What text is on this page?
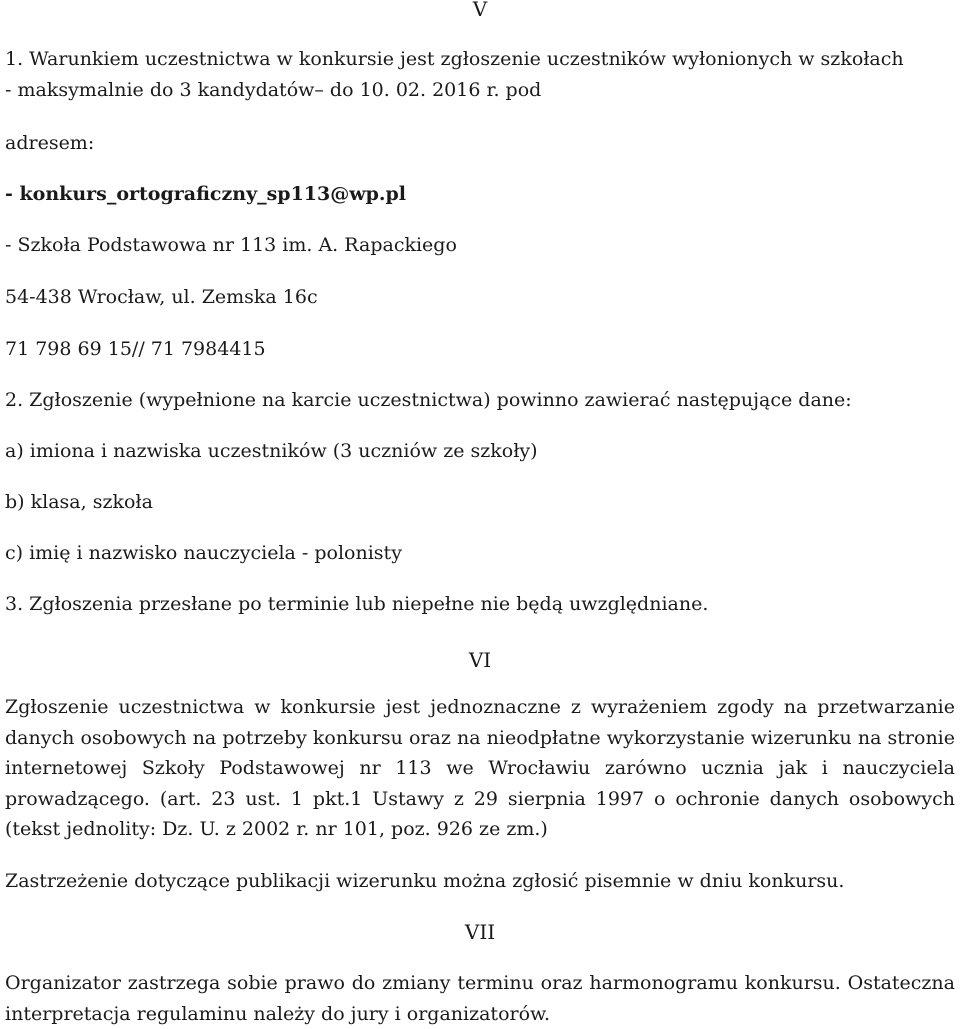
V
1. Warunkiem uczestnictwa w konkursie jest zgłoszenie uczestników wyłonionych w szkołach
- maksymalnie do 3 kandydatów– do 10. 02. 2016 r. pod
adresem:
- konkurs_ortograficzny_sp113@wp.pl
- Szkoła Podstawowa nr 113 im. A. Rapackiego
54-438 Wrocław, ul. Zemska 16c
71 798 69 15// 71 7984415
2. Zgłoszenie (wypełnione na karcie uczestnictwa) powinno zawierać następujące dane:
a) imiona i nazwiska uczestników (3 uczniów ze szkoły)
b) klasa, szkoła
c) imię i nazwisko nauczyciela - polonisty
3. Zgłoszenia przesłane po terminie lub niepełne nie będą uwzględniane.
VI

Zgłoszenie uczestnictwa w konkursie jest jednoznaczne z wyrażeniem zgody na przetwarzanie danych osobowych na potrzeby konkursu oraz na nieodpłatne wykorzystanie wizerunku na stronie internetowej Szkoły Podstawowej nr 113 we Wrocławiu zarówno ucznia jak i nauczyciela prowadzącego. (art. 23 ust. 1 pkt.1 Ustawy z 29 sierpnia 1997 o ochronie danych osobowych (tekst jednolity: Dz. U. z 2002 r. nr 101, poz. 926 ze zm.)

Zastrzeżenie dotyczące publikacji wizerunku można zgłosić pisemnie w dniu konkursu.
VII

Organizator zastrzega sobie prawo do zmiany terminu oraz harmonogramu konkursu. Ostateczna interpretacja regulaminu należy do jury i organizatorów.
